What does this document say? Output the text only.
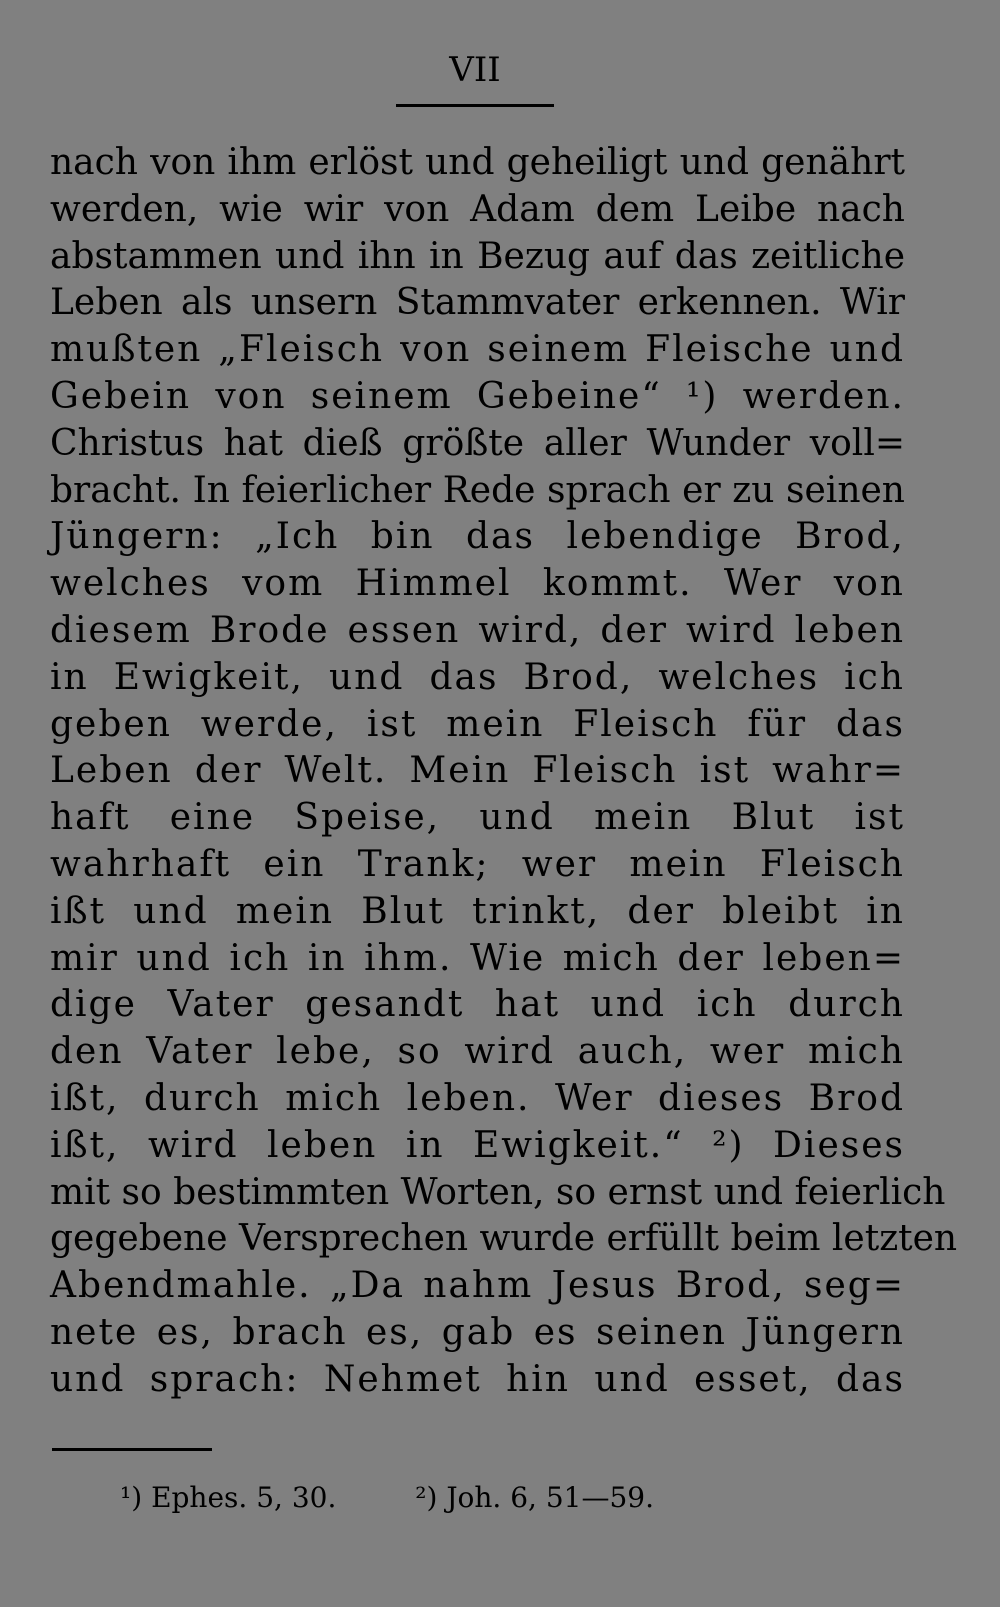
VII
nach von ihm erlöst und geheiligt und genährt
werden, wie wir von Adam dem Leibe nach
abstammen und ihn in Bezug auf das zeitliche
Leben als unsern Stammvater erkennen. Wir
mußten „Fleisch von seinem Fleische und
Gebein von seinem Gebeine“ ¹) werden.
Christus hat dieß größte aller Wunder voll=
bracht. In feierlicher Rede sprach er zu seinen
Jüngern: „Ich bin das lebendige Brod,
welches vom Himmel kommt. Wer von
diesem Brode essen wird, der wird leben
in Ewigkeit, und das Brod, welches ich
geben werde, ist mein Fleisch für das
Leben der Welt. Mein Fleisch ist wahr=
haft eine Speise, und mein Blut ist
wahrhaft ein Trank; wer mein Fleisch
ißt und mein Blut trinkt, der bleibt in
mir und ich in ihm. Wie mich der leben=
dige Vater gesandt hat und ich durch
den Vater lebe, so wird auch, wer mich
ißt, durch mich leben. Wer dieses Brod
ißt, wird leben in Ewigkeit.“ ²) Dieses
mit so bestimmten Worten, so ernst und feierlich
gegebene Versprechen wurde erfüllt beim letzten
Abendmahle. „Da nahm Jesus Brod, seg=
nete es, brach es, gab es seinen Jüngern
und sprach: Nehmet hin und esset, das
¹) Ephes. 5, 30.	²) Joh. 6, 51—59.
